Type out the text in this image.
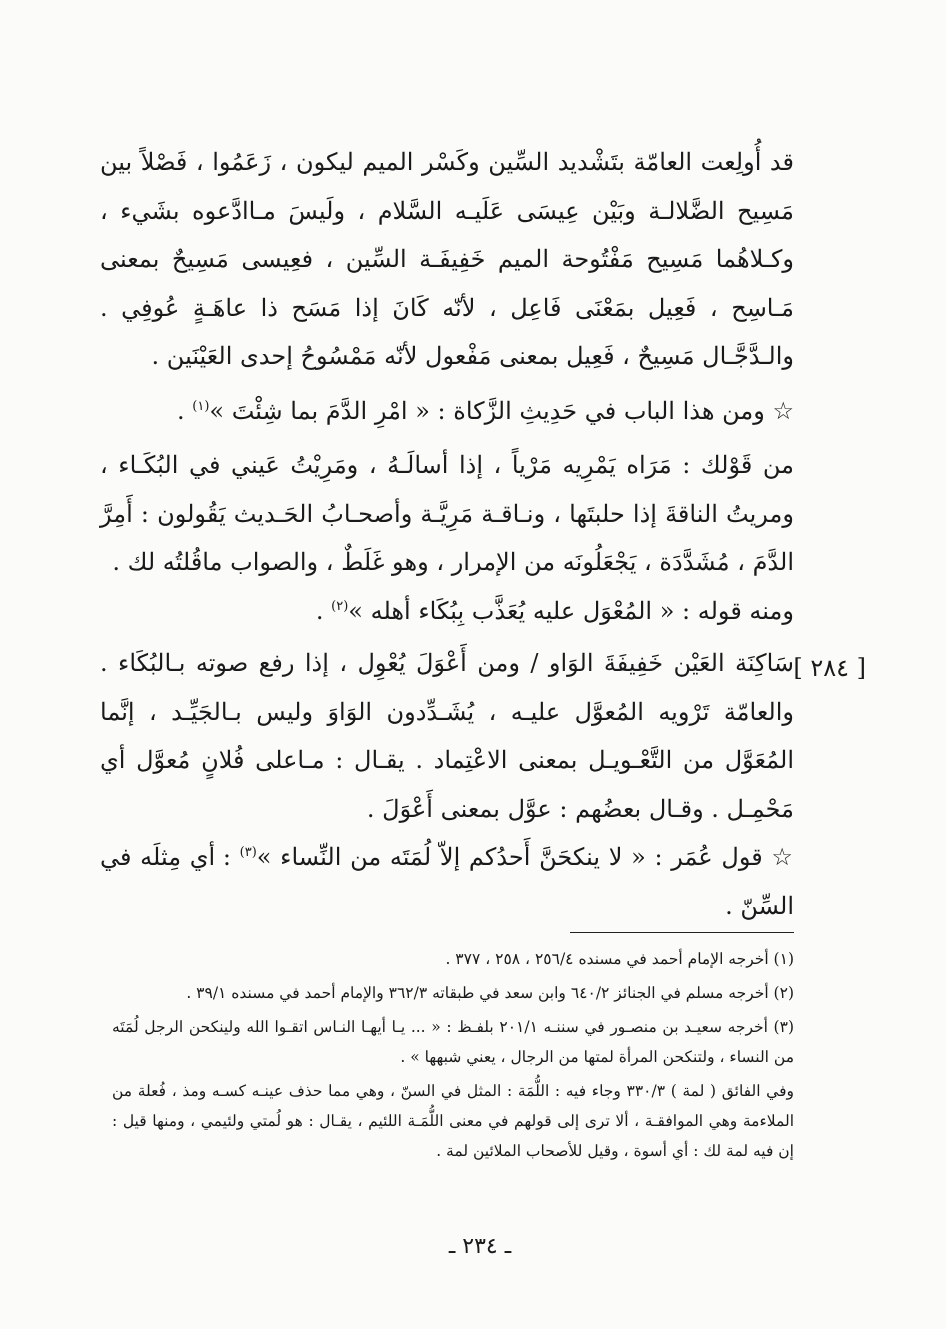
قد أُولِعت العامّة بتَشْديد السِّين وكَسْر الميم ليكون ، زَعَمُوا ، فَصْلاً بين مَسِيح الضَّلالـة وبَيْن عِيسَى عَلَيـه السَّلام ، ولَيسَ مـاادَّعوه بشَيء ، وكـلاهُما مَسِيح مَفْتُوحة الميم خَفِيفَـة السِّين ، فعِيسى مَسِيحٌ بمعنى مَـاسِح ، فَعِيل بمَعْنَى فَاعِل ، لأنّه كَانَ إذا مَسَح ذا عاهَـةٍ عُوفِي . والـدَّجَّـال مَسِيحٌ ، فَعِيل بمعنى مَفْعول لأنّه مَمْسُوحُ إحدى العَيْنَين .

☆ ومن هذا الباب في حَدِيثِ الزَّكاة : « امْرِ الدَّمَ بما شِئْتَ »$^{(١)}$ .

من قَوْلك : مَرَاه يَمْرِيه مَرْياً ، إذا أسالَـهُ ، ومَرِيْتُ عَيني في البُكَـاء ، ومريتُ الناقةَ إذا حلبتَها ، ونـاقـة مَرِيَّـة وأصحـابُ الحَـديث يَقُولون : أَمِرَّ الدَّمَ ، مُشَدَّدَة ، يَجْعَلُونَه من الإمرار ، وهو غَلَطٌ ، والصواب ماقُلتُه لك .

ومنه قوله : « المُعْوَل عليه يُعَذَّب بِبُكَاء أهله »$^{(٢)}$ .

سَاكِنَة العَيْن خَفِيفَةَ الوَاو / ومن أَعْوَلَ يُعْوِل ، إذا رفع صوته بـالبُكَاء . والعامّة تَرْويه المُعوَّل عليـه ، يُشَـدِّدون الوَاوَ وليس بـالجَيِّـد ، إنَّما المُعَوَّل من التَّعْـويـل بمعنى الاعْتِماد . يقـال : مـاعلى فُلانٍ مُعوَّل أي مَحْمِـل . وقـال بعضُهم : عوَّل بمعنى أَعْوَلَ .

☆ قول عُمَر : « لا ينكحَنَّ أَحدُكم إلاّ لُمَتَه من النِّساء »$^{(٣)}$ : أي مِثلَه في السِّنّ .

[ ٢٨٤ ]

(١) أخرجه الإمام أحمد في مسنده ٢٥٦/٤ ، ٢٥٨ ، ٣٧٧ .

(٢) أخرجه مسلم في الجنائز ٦٤٠/٢ وابن سعد في طبقاته ٣٦٢/٣ والإمام أحمد في مسنده ٣٩/١ .

(٣) أخرجه سعيـد بن منصـور في سننـه ٢٠١/١ بلفـظ : « ... يـا أيهـا النـاس اتقـوا الله ولينكحن الرجل لُمَتَه من النساء ، ولتنكحن المرأة لمتها من الرجال ، يعني شبهها » .

وفي الفائق ( لمة ) ٣٣٠/٣ وجاء فيه : اللُّمَة : المثل في السنّ ، وهي مما حذف عينـه كسـه ومذ ، فُعلة من الملاءمة وهي الموافقـة ، ألا ترى إلى قولهم في معنى اللُّمَـة اللئيم ، يقـال : هو لُمتي ولئيمي ، ومنها قيل : إن فيه لمة لك : أي أسوة ، وقيل للأصحاب الملائين لمة .

ـ ٢٣٤ ـ
